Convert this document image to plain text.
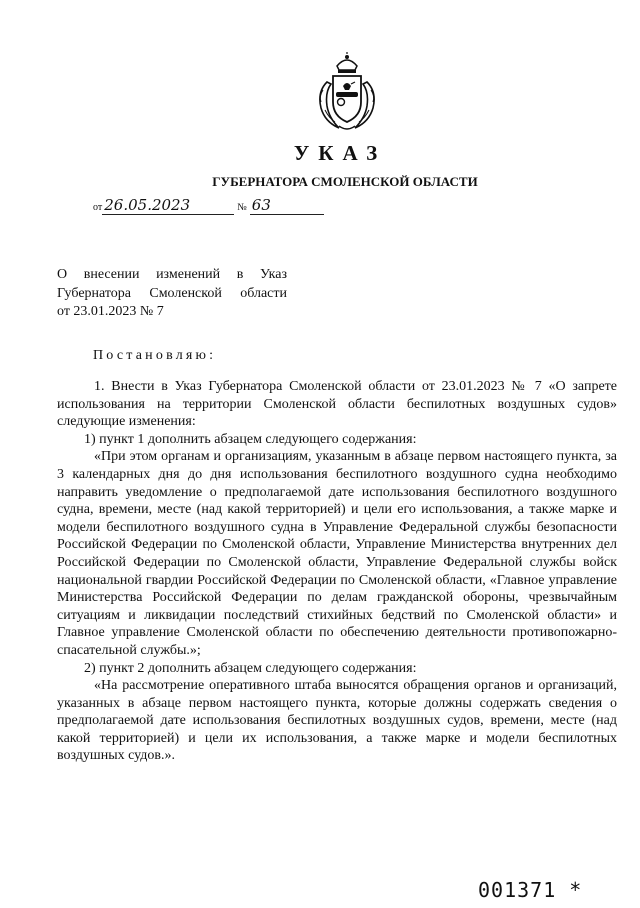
УКАЗ
ГУБЕРНАТОРА СМОЛЕНСКОЙ ОБЛАСТИ
от 26.05.2023	№ 63
О внесении изменений в Указ
Губернатора Смоленской области
от 23.01.2023 № 7
Постановляю:

1. Внести в Указ Губернатора Смоленской области от 23.01.2023 № 7 «О запрете использования на территории Смоленской области беспилотных воздушных судов» следующие изменения:

1) пункт 1 дополнить абзацем следующего содержания:

«При этом органам и организациям, указанным в абзаце первом настоящего пункта, за 3 календарных дня до дня использования беспилотного воздушного судна необходимо направить уведомление о предполагаемой дате использования беспилотного воздушного судна, времени, месте (над какой территорией) и цели его использования, а также марке и модели беспилотного воздушного судна в Управление Федеральной службы безопасности Российской Федерации по Смоленской области, Управление Министерства внутренних дел Российской Федерации по Смоленской области, Управление Федеральной службы войск национальной гвардии Российской Федерации по Смоленской области, «Главное управление Министерства Российской Федерации по делам гражданской обороны, чрезвычайным ситуациям и ликвидации последствий стихийных бедствий по Смоленской области» и Главное управление Смоленской области по обеспечению деятельности противопожарно-спасательной службы.»;

2) пункт 2 дополнить абзацем следующего содержания:

«На рассмотрение оперативного штаба выносятся обращения органов и организаций, указанных в абзаце первом настоящего пункта, которые должны содержать сведения о предполагаемой дате использования беспилотных воздушных судов, времени, месте (над какой территорией) и цели их использования, а также марке и модели беспилотных воздушных судов.».

001371 *
